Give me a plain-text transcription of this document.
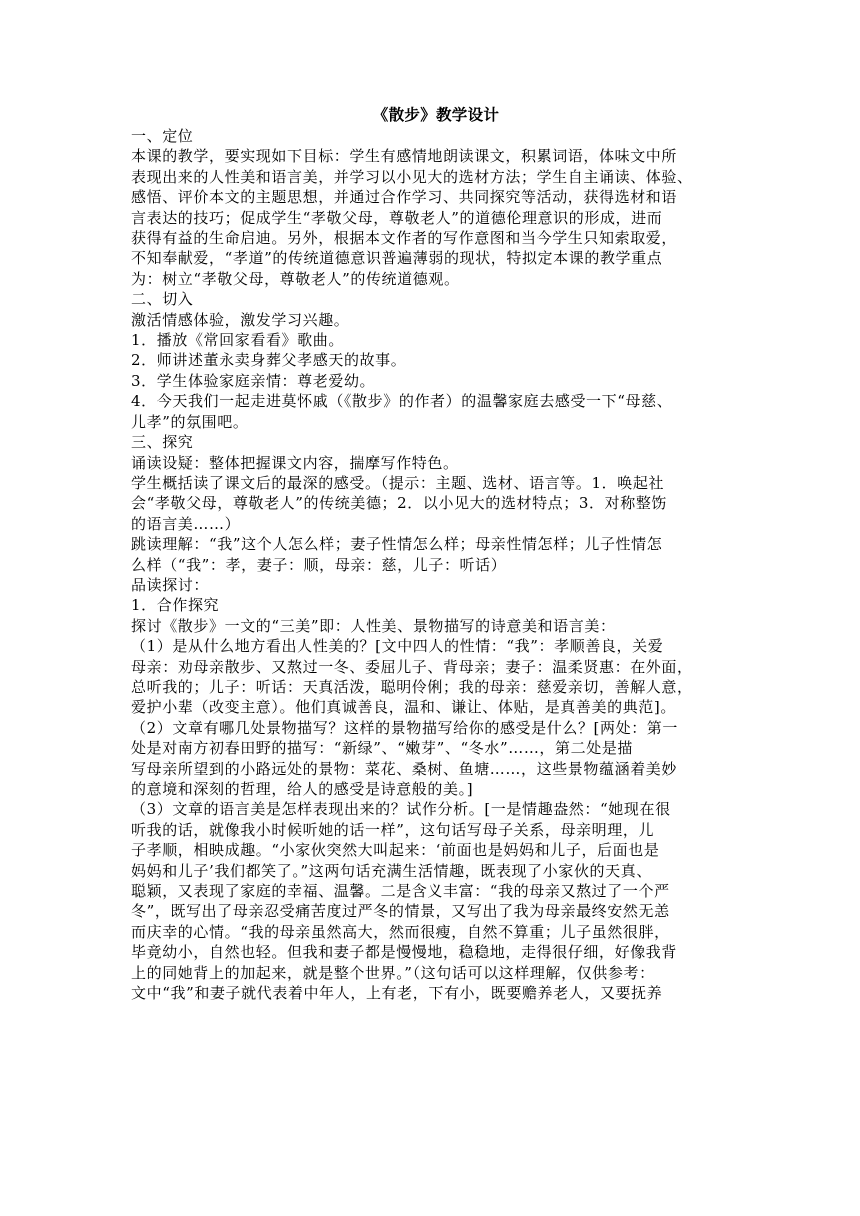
《散步》教学设计

一、定位

本课的教学，要实现如下目标：学生有感情地朗读课文，积累词语，体味文中所

表现出来的人性美和语言美，并学习以小见大的选材方法；学生自主诵读、体验、

感悟、评价本文的主题思想，并通过合作学习、共同探究等活动，获得选材和语

言表达的技巧；促成学生“孝敬父母，尊敬老人”的道德伦理意识的形成，进而

获得有益的生命启迪。另外，根据本文作者的写作意图和当今学生只知索取爱，

不知奉献爱，“孝道”的传统道德意识普遍薄弱的现状，特拟定本课的教学重点

为：树立“孝敬父母，尊敬老人”的传统道德观。

二、切入

激活情感体验，激发学习兴趣。

1．播放《常回家看看》歌曲。

2．师讲述董永卖身葬父孝感天的故事。

3．学生体验家庭亲情：尊老爱幼。

4．今天我们一起走进莫怀戚（《散步》的作者）的温馨家庭去感受一下“母慈、

儿孝”的氛围吧。

三、探究

诵读设疑：整体把握课文内容，揣摩写作特色。

学生概括读了课文后的最深的感受。（提示：主题、选材、语言等。1．唤起社

会“孝敬父母，尊敬老人”的传统美德；2．以小见大的选材特点；3．对称整饬

的语言美……）

跳读理解：“我”这个人怎么样；妻子性情怎么样；母亲性情怎样；儿子性情怎

么样（“我”：孝，妻子：顺，母亲：慈，儿子：听话）

品读探讨：

1．合作探究

探讨《散步》一文的“三美”即：人性美、景物描写的诗意美和语言美：

（1）是从什么地方看出人性美的？[文中四人的性情：“我”：孝顺善良，关爱

母亲：劝母亲散步、又熬过一冬、委屈儿子、背母亲；妻子：温柔贤惠：在外面，

总听我的；儿子：听话：天真活泼，聪明伶俐；我的母亲：慈爱亲切，善解人意，

爱护小辈（改变主意）。他们真诚善良，温和、谦让、体贴，是真善美的典范]。

（2）文章有哪几处景物描写？这样的景物描写给你的感受是什么？[两处：第一

处是对南方初春田野的描写：“新绿”、“嫩芽”、“冬水”……，第二处是描

写母亲所望到的小路远处的景物：菜花、桑树、鱼塘……，这些景物蕴涵着美妙

的意境和深刻的哲理，给人的感受是诗意般的美。]

（3）文章的语言美是怎样表现出来的？试作分析。[一是情趣盎然：“她现在很

听我的话，就像我小时候听她的话一样”，这句话写母子关系，母亲明理，儿

子孝顺，相映成趣。“小家伙突然大叫起来：‘前面也是妈妈和儿子，后面也是

妈妈和儿子’我们都笑了。”这两句话充满生活情趣，既表现了小家伙的天真、

聪颖，又表现了家庭的幸福、温馨。二是含义丰富：“我的母亲又熬过了一个严

冬”，既写出了母亲忍受痛苦度过严冬的情景，又写出了我为母亲最终安然无恙

而庆幸的心情。“我的母亲虽然高大，然而很瘦，自然不算重；儿子虽然很胖，

毕竟幼小，自然也轻。但我和妻子都是慢慢地，稳稳地，走得很仔细，好像我背

上的同她背上的加起来，就是整个世界。”（这句话可以这样理解，仅供参考：

文中“我”和妻子就代表着中年人，上有老，下有小，既要赡养老人，又要抚养
